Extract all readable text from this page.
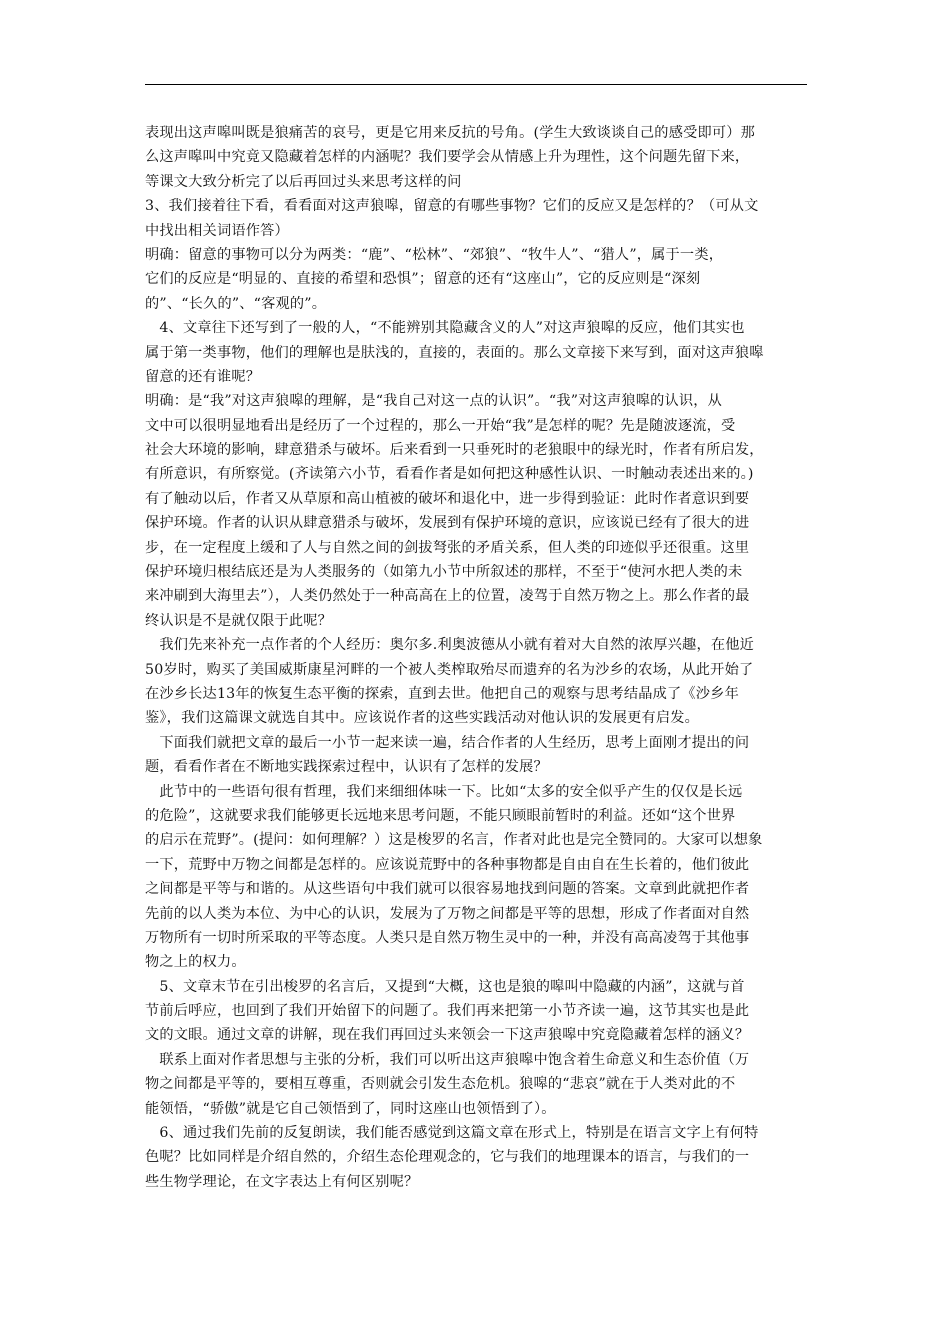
表现出这声嗥叫既是狼痛苦的哀号，更是它用来反抗的号角。(学生大致谈谈自己的感受即可）那
么这声嗥叫中究竟又隐藏着怎样的内涵呢？我们要学会从情感上升为理性，这个问题先留下来，
等课文大致分析完了以后再回过头来思考这样的问
3、我们接着往下看，看看面对这声狼嗥，留意的有哪些事物？它们的反应又是怎样的？（可从文
中找出相关词语作答）
明确：留意的事物可以分为两类：“鹿”、“松林”、“郊狼”、“牧牛人”、“猎人”，属于一类，
它们的反应是“明显的、直接的希望和恐惧”；留意的还有“这座山”，它的反应则是“深刻
的”、“长久的”、“客观的”。
　4、文章往下还写到了一般的人，“不能辨别其隐藏含义的人”对这声狼嗥的反应，他们其实也
属于第一类事物，他们的理解也是肤浅的，直接的，表面的。那么文章接下来写到，面对这声狼嗥
留意的还有谁呢？
明确：是“我”对这声狼嗥的理解，是“我自己对这一点的认识”。“我”对这声狼嗥的认识，从
文中可以很明显地看出是经历了一个过程的，那么一开始“我”是怎样的呢？先是随波逐流，受
社会大环境的影响，肆意猎杀与破坏。后来看到一只垂死时的老狼眼中的绿光时，作者有所启发，
有所意识，有所察觉。(齐读第六小节，看看作者是如何把这种感性认识、一时触动表述出来的。)
有了触动以后，作者又从草原和高山植被的破坏和退化中，进一步得到验证：此时作者意识到要
保护环境。作者的认识从肆意猎杀与破坏，发展到有保护环境的意识，应该说已经有了很大的进
步，在一定程度上缓和了人与自然之间的剑拔弩张的矛盾关系，但人类的印迹似乎还很重。这里
保护环境归根结底还是为人类服务的（如第九小节中所叙述的那样，不至于“使河水把人类的未
来冲刷到大海里去”），人类仍然处于一种高高在上的位置，凌驾于自然万物之上。那么作者的最
终认识是不是就仅限于此呢？
　我们先来补充一点作者的个人经历：奥尔多.利奥波德从小就有着对大自然的浓厚兴趣，在他近
50岁时，购买了美国威斯康星河畔的一个被人类榨取殆尽而遗弃的名为沙乡的农场，从此开始了
在沙乡长达13年的恢复生态平衡的探索，直到去世。他把自己的观察与思考结晶成了《沙乡年
鉴》，我们这篇课文就选自其中。应该说作者的这些实践活动对他认识的发展更有启发。
　下面我们就把文章的最后一小节一起来读一遍，结合作者的人生经历，思考上面刚才提出的问
题，看看作者在不断地实践探索过程中，认识有了怎样的发展？
　此节中的一些语句很有哲理，我们来细细体味一下。比如“太多的安全似乎产生的仅仅是长远
的危险”，这就要求我们能够更长远地来思考问题，不能只顾眼前暂时的利益。还如“这个世界
的启示在荒野”。(提问：如何理解？）这是梭罗的名言，作者对此也是完全赞同的。大家可以想象
一下，荒野中万物之间都是怎样的。应该说荒野中的各种事物都是自由自在生长着的，他们彼此
之间都是平等与和谐的。从这些语句中我们就可以很容易地找到问题的答案。文章到此就把作者
先前的以人类为本位、为中心的认识，发展为了万物之间都是平等的思想，形成了作者面对自然
万物所有一切时所采取的平等态度。人类只是自然万物生灵中的一种，并没有高高凌驾于其他事
物之上的权力。
　5、文章末节在引出梭罗的名言后，又提到“大概，这也是狼的嗥叫中隐藏的内涵”，这就与首
节前后呼应，也回到了我们开始留下的问题了。我们再来把第一小节齐读一遍，这节其实也是此
文的文眼。通过文章的讲解，现在我们再回过头来领会一下这声狼嗥中究竟隐藏着怎样的涵义？
　联系上面对作者思想与主张的分析，我们可以听出这声狼嗥中饱含着生命意义和生态价值（万
物之间都是平等的，要相互尊重，否则就会引发生态危机。狼嗥的“悲哀”就在于人类对此的不
能领悟，“骄傲”就是它自己领悟到了，同时这座山也领悟到了）。
　6、通过我们先前的反复朗读，我们能否感觉到这篇文章在形式上，特别是在语言文字上有何特
色呢？比如同样是介绍自然的，介绍生态伦理观念的，它与我们的地理课本的语言，与我们的一
些生物学理论，在文字表达上有何区别呢？
